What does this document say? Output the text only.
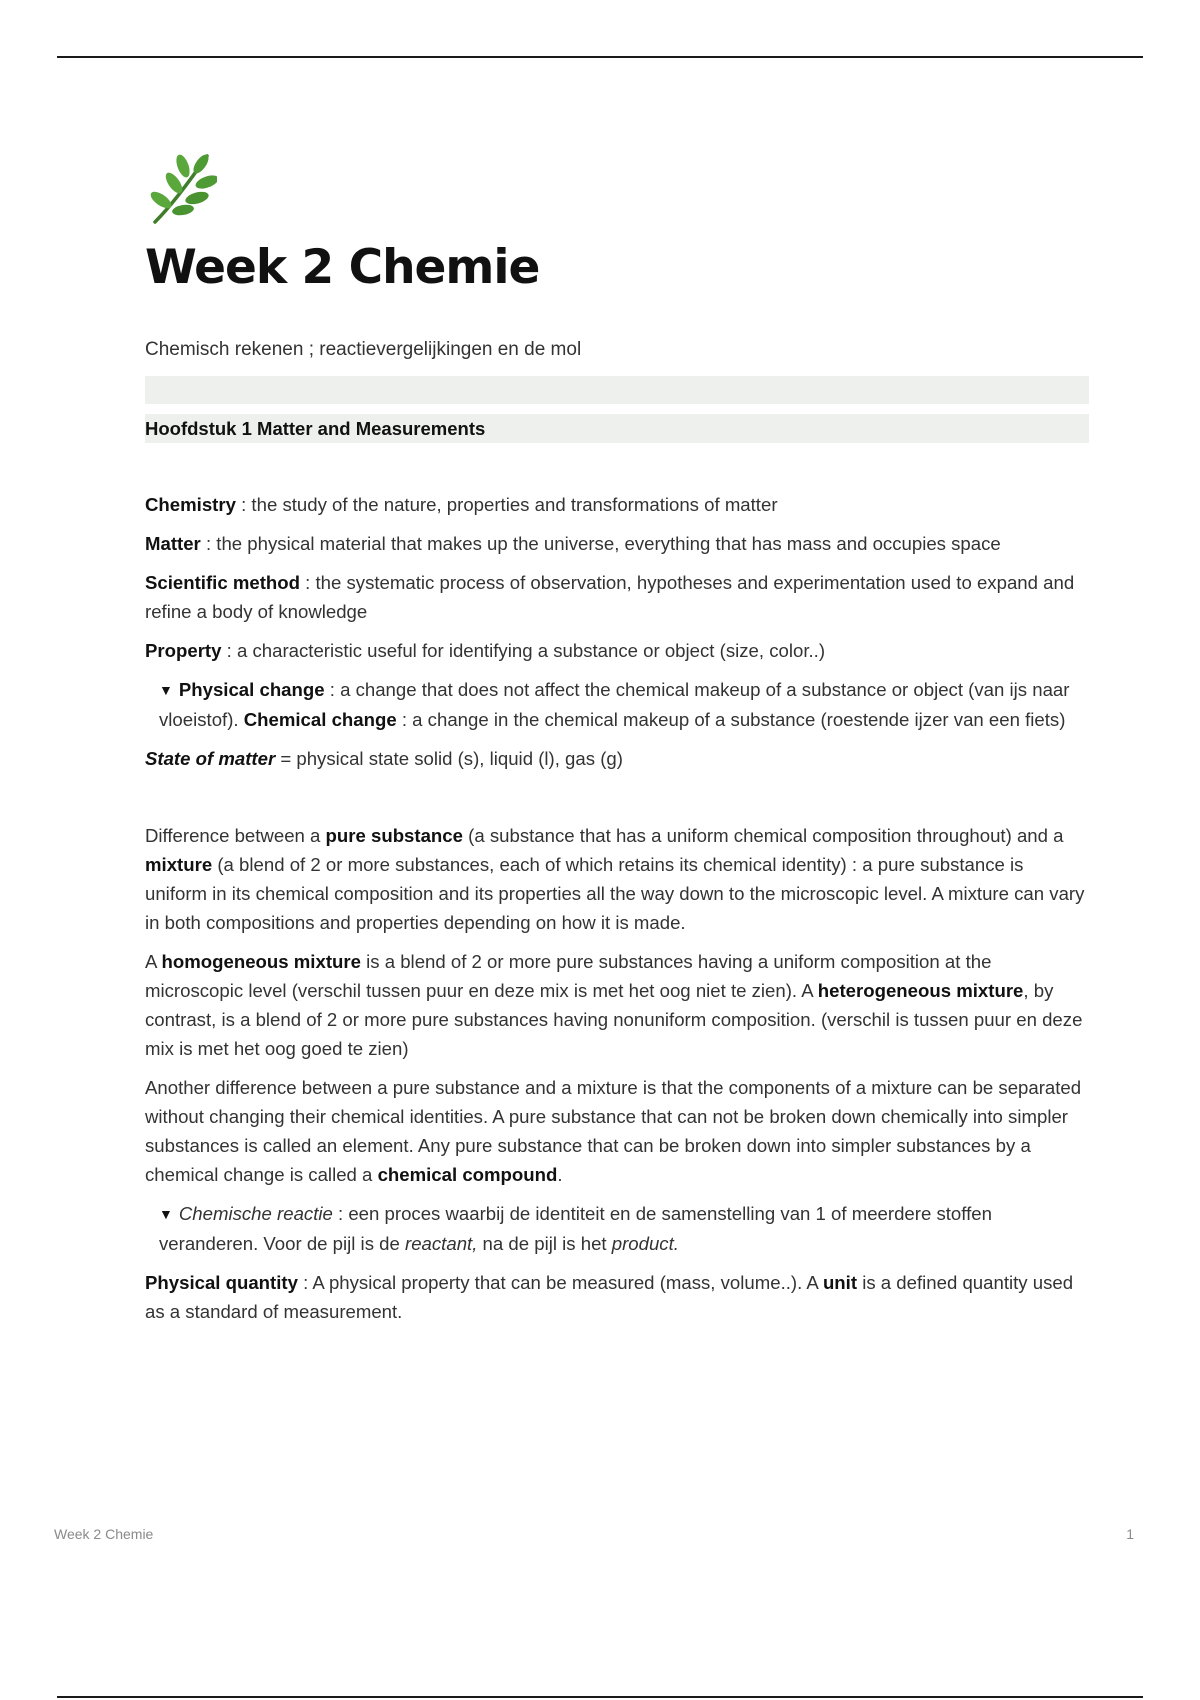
Week 2 Chemie
Chemisch rekenen ; reactievergelijkingen en de mol
Hoofdstuk 1 Matter and Measurements

Chemistry : the study of the nature, properties and transformations of matter

Matter : the physical material that makes up the universe, everything that has mass and occupies space

Scientific method : the systematic process of observation, hypotheses and experimentation used to expand and refine a body of knowledge

Property : a characteristic useful for identifying a substance or object (size, color..)

▼ Physical change : a change that does not affect the chemical makeup of a substance or object (van ijs naar vloeistof). Chemical change : a change in the chemical makeup of a substance (roestende ijzer van een fiets)

State of matter = physical state solid (s), liquid (l), gas (g)

Difference between a pure substance (a substance that has a uniform chemical composition throughout) and a mixture (a blend of 2 or more substances, each of which retains its chemical identity) : a pure substance is uniform in its chemical composition and its properties all the way down to the microscopic level. A mixture can vary in both compositions and properties depending on how it is made.

A homogeneous mixture is a blend of 2 or more pure substances having a uniform composition at the microscopic level (verschil tussen puur en deze mix is met het oog niet te zien). A heterogeneous mixture, by contrast, is a blend of 2 or more pure substances having nonuniform composition. (verschil is tussen puur en deze mix is met het oog goed te zien)

Another difference between a pure substance and a mixture is that the components of a mixture can be separated without changing their chemical identities. A pure substance that can not be broken down chemically into simpler substances is called an element. Any pure substance that can be broken down into simpler substances by a chemical change is called a chemical compound.

▼ Chemische reactie : een proces waarbij de identiteit en de samenstelling van 1 of meerdere stoffen veranderen. Voor de pijl is de reactant, na de pijl is het product.

Physical quantity : A physical property that can be measured (mass, volume..). A unit is a defined quantity used as a standard of measurement.

Week 2 Chemie	1
